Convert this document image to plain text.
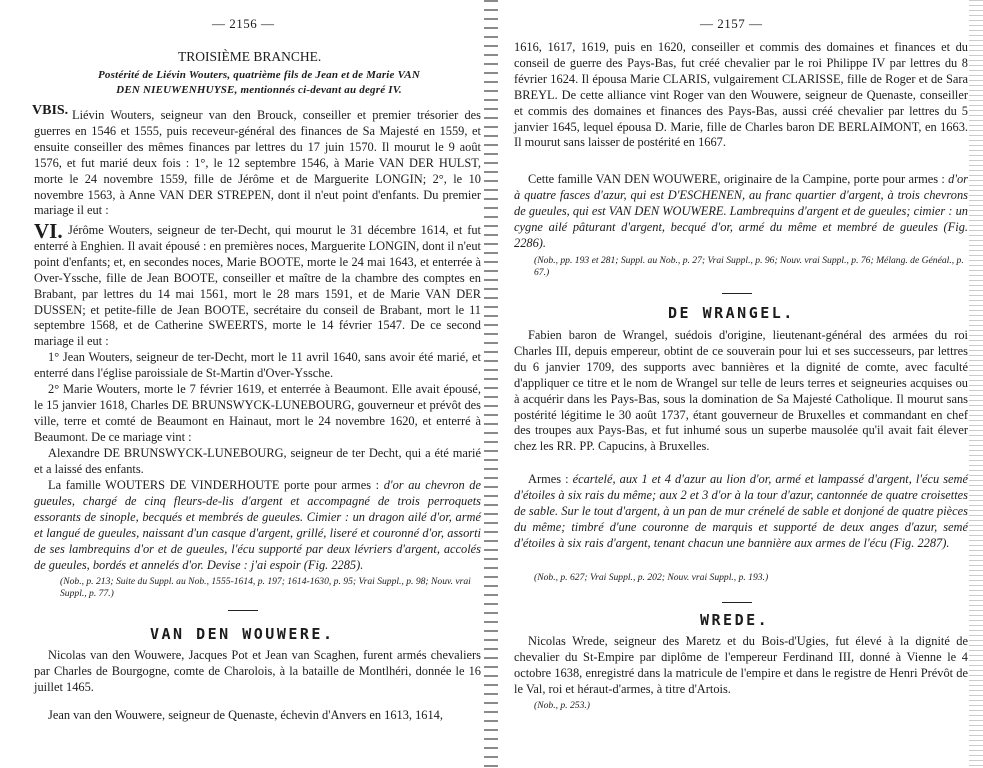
— 2156 —
TROISIÈME BRANCHE.
Postérité de Liévin Wouters, quatrième fils de Jean et de Marie VAN
DEN NIEUWENHUYSE, mentionnés ci-devant au degré IV.
VBIS. Liévin Wouters, seigneur van den Brouck, conseiller et premier trésorier des guerres en 1546 et 1555, puis receveur-général des finances de Sa Majesté en 1559, et ensuite conseiller des mêmes finances par lettres du 17 juin 1570. Il mourut le 9 août 1576, et fut marié deux fois : 1°, le 12 septembre 1546, à Marie VAN DER HULST, morte le 24 novembre 1559, fille de Jérôme et de Marguerite LONGIN; 2°, le 10 novembre 1563, à Anne VAN DER STREPEN, dont il n'eut point d'enfants. Du premier mariage il eut :

VI. Jérôme Wouters, seigneur de ter-Decht, qui mourut le 31 décembre 1614, et fut enterré à Enghien. Il avait épousé : en premières noces, Marguerite LONGIN, dont il n'eut point d'enfants; et, en secondes noces, Marie BOOTE, morte le 24 mai 1643, et enterrée à Over-Yssche, fille de Jean BOOTE, conseiller et maître de la chambre des comptes en Brabant, par lettres du 14 mai 1561, mort le 28 mars 1591, et de Marie VAN DER DUSSEN; et petite-fille de Jean BOOTE, secrétaire du conseil de Brabant, mort le 11 septembre 1568, et de Catherine SWEERTS, morte le 14 février 1547. De ce second mariage il eut :

1° Jean Wouters, seigneur de ter-Decht, mort le 11 avril 1640, sans avoir été marié, et enterré dans l'église paroissiale de St-Martin d'Over-Yssche.

2° Marie Wouters, morte le 7 février 1619, et enterrée à Beaumont. Elle avait épousé, le 15 janvier 1618, Charles DE BRUNSWYCK-LUNEBOURG, gouverneur et prévôt des ville, terre et comté de Beaumont en Hainaut, mort le 24 novembre 1620, et enterré à Beaumont. De ce mariage vint :

Alexandre DE BRUNSWYCK-LUNEBOURG, seigneur de ter Decht, qui a été marié et a laissé des enfants.

La famille WOUTERS DE VINDERHOUTE porte pour armes : d'or au chevron de gueules, chargé de cinq fleurs-de-lis d'argent et accompagné de trois perroquets essorants de sinople, becqués et membrés de gueules. Cimier : un dragon ailé d'or, armé et langué de gueules, naissant d'un casque d'argent, grillé, liseré et couronné d'or, assorti de ses lambrequins d'or et de gueules, l'écu supporté par deux lévriers d'argent, accolés de gueules, bordés et annelés d'or. Devise : j'ai espoir (Fig. 2285).

(Nob., p. 213; Suite du Suppl. au Nob., 1555-1614, p. 197; 1614-1630, p. 95; Vrai Suppl., p. 98; Nouv. vrai Suppl., p. 77.)
VAN DEN WOUWERE.

Nicolas van den Wouwere, Jacques Pot et Jean van Scaghen, furent armés chevaliers par Charles de Bourgogne, comte de Charolois, à la bataille de Montlhéri, donnée le 16 juillet 1465.

Jean van den Wouwere, seigneur de Quenaste, échevin d'Anvers en 1613, 1614,

— 2157 —

1616, 1617, 1619, puis en 1620, conseiller et commis des domaines et finances et du conseil de guerre des Pays-Bas, fut créé chevalier par le roi Philippe IV par lettres du 8 février 1624. Il épousa Marie CLARIS, vulgairement CLARISSE, fille de Roger et de Sara BREYL. De cette alliance vint Roger van den Wouwere, seigneur de Quenaste, conseiller et commis des domaines et finances des Pays-Bas, aussi créé chevalier par lettres du 5 janvier 1645, lequel épousa D. Marie, fille de Charles baron DE BERLAIMONT, en 1663. Il mourut sans laisser de postérité en 1667.

Cette famille VAN DEN WOUWERE, originaire de la Campine, porte pour armes : d'or à quatre fasces d'azur, qui est D'ESCHENEN, au franc quartier d'argent, à trois chevrons de gueules, qui est VAN DEN WOUWERE. Lambrequins d'argent et de gueules; cimier : un cygne ailé pâturant d'argent, becqué d'or, armé du même et membré de gueules (Fig. 2286).

(Nob., pp. 193 et 281; Suppl. au Nob., p. 27; Vrai Suppl., p. 96; Nouv. vrai Suppl., p. 76; Mélang. de Généal., p. 67.)
DE WRANGEL.

Fabien baron de Wrangel, suédois d'origine, lieutenant-général des armées du roi Charles III, depuis empereur, obtint de ce souverain pour lui et ses successeurs, par lettres du 6 janvier 1709, des supports avec bannières et la dignité de comte, avec faculté d'appliquer ce titre et le nom de Wrangel sur telle de leurs terres et seigneuries acquises ou à acquérir dans les Pays-Bas, sous la domination de Sa Majesté Catholique. Il mourut sans postérité légitime le 30 août 1737, étant gouverneur de Bruxelles et commandant en chef des troupes aux Pays-Bas, et fut inhumé sous un superbe mausolée qu'il avait fait élever chez les RR. PP. Capucins, à Bruxelles.

Armes : écartelé, aux 1 et 4 d'azur au lion d'or, armé et lampassé d'argent, l'écu semé d'étoiles à six rais du même; aux 2 et 3 d'or à la tour d'azur, cantonnée de quatre croisettes de sable. Sur le tout d'argent, à un pan de mur crénelé de sable et donjoné de quatre pièces du même; timbré d'une couronne de marquis et supporté de deux anges d'azur, semé d'étoiles à six rais d'argent, tenant chacun une bannière aux armes de l'écu (Fig. 2287).

(Nob., p. 627; Vrai Suppl., p. 202; Nouv. vrai Suppl., p. 193.)
WREDE.

Nicolas Wrede, seigneur des Maretz et du Bois-d'Ugies, fut élevé à la dignité de chevalier du St-Empire par diplôme de l'empereur Ferdinand III, donné à Vienne le 4 octobre 1638, enregistré dans la matricule de l'empire et dans le registre de Henri Prévôt de le Val, roi et héraut-d'armes, à titre d'Artois.

(Nob., p. 253.)
